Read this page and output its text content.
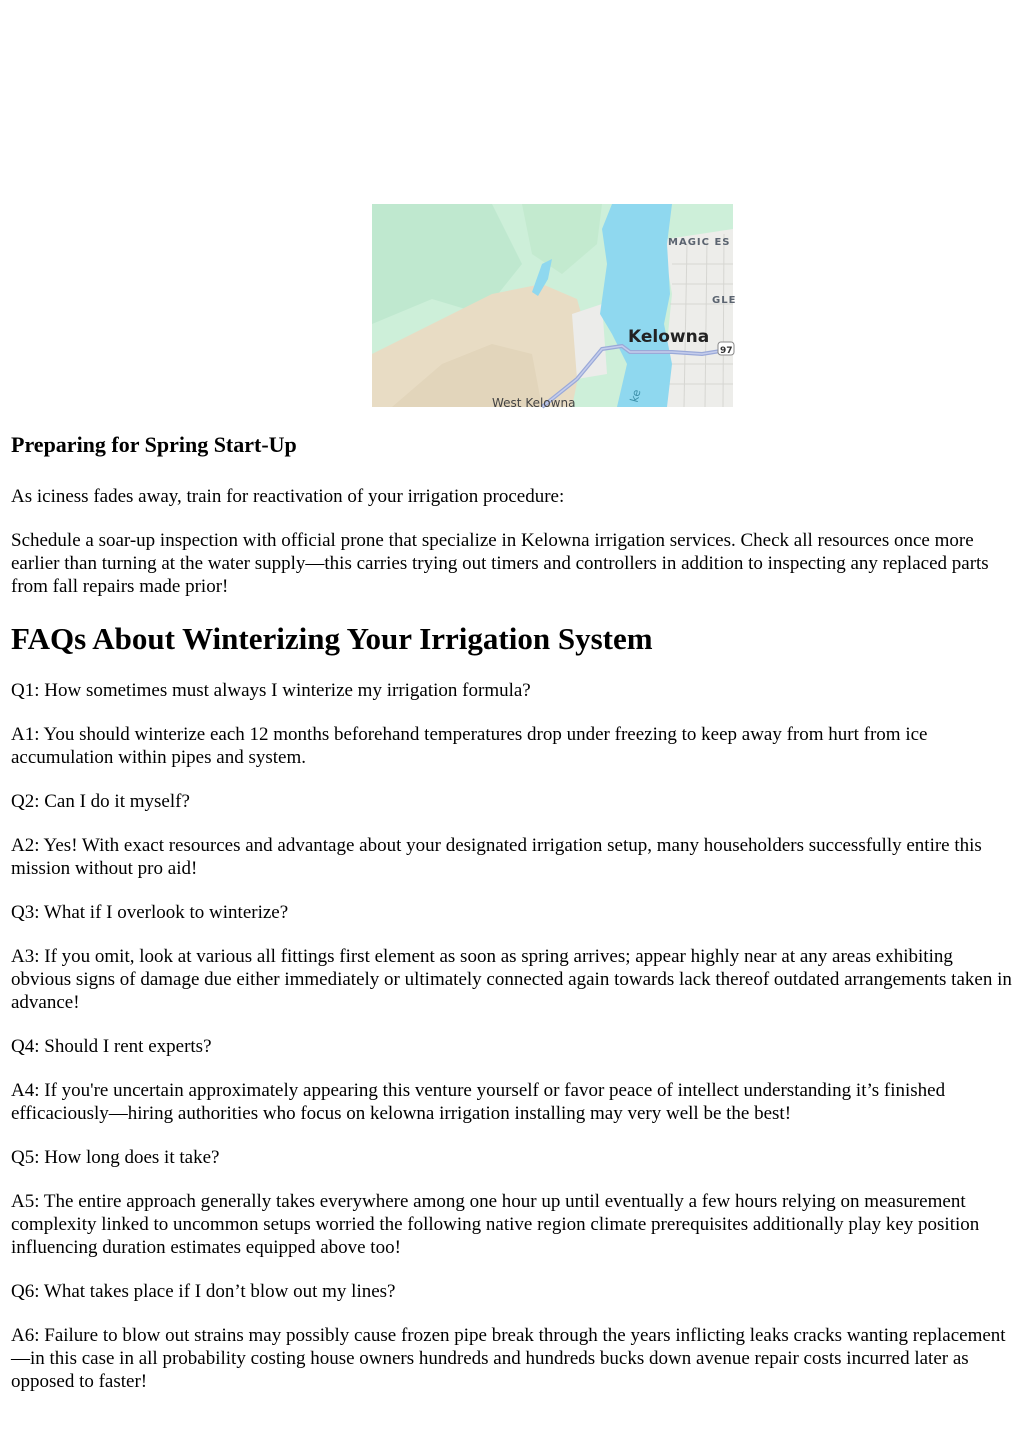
97
MAGIC ES
GLE
Kelowna
West Kelowna	ke
Preparing for Spring Start-Up

As iciness fades away, train for reactivation of your irrigation procedure:

Schedule a soar-up inspection with official prone that specialize in Kelowna irrigation services. Check all resources once more earlier than turning at the water supply—this carries trying out timers and controllers in addition to inspecting any replaced parts from fall repairs made prior!

FAQs About Winterizing Your Irrigation System

Q1: How sometimes must always I winterize my irrigation formula?

A1: You should winterize each 12 months beforehand temperatures drop under freezing to keep away from hurt from ice accumulation within pipes and system.

Q2: Can I do it myself?

A2: Yes! With exact resources and advantage about your designated irrigation setup, many householders successfully entire this mission without pro aid!

Q3: What if I overlook to winterize?

A3: If you omit, look at various all fittings first element as soon as spring arrives; appear highly near at any areas exhibiting obvious signs of damage due either immediately or ultimately connected again towards lack thereof outdated arrangements taken in advance!

Q4: Should I rent experts?

A4: If you're uncertain approximately appearing this venture yourself or favor peace of intellect understanding it’s finished efficaciously—hiring authorities who focus on kelowna irrigation installing may very well be the best!

Q5: How long does it take?

A5: The entire approach generally takes everywhere among one hour up until eventually a few hours relying on measurement complexity linked to uncommon setups worried the following native region climate prerequisites additionally play key position influencing duration estimates equipped above too!

Q6: What takes place if I don’t blow out my lines?

A6: Failure to blow out strains may possibly cause frozen pipe break through the years inflicting leaks cracks wanting replacement—in this case in all probability costing house owners hundreds and hundreds bucks down avenue repair costs incurred later as opposed to faster!
